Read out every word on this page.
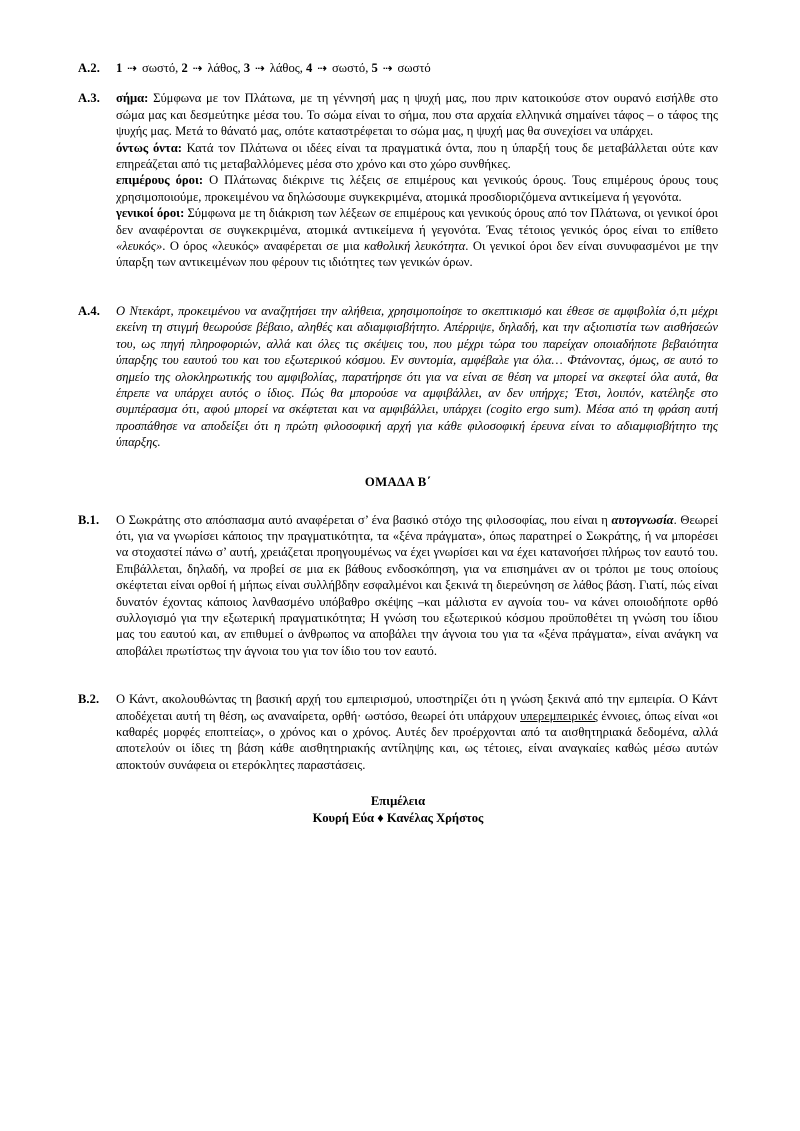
A.2.	1 ⇢ σωστό, 2 ⇢ λάθος, 3 ⇢ λάθος, 4 ⇢ σωστό, 5 ⇢ σωστό
A.3.	σήμα: Σύμφωνα με τον Πλάτωνα, με τη γέννησή μας η ψυχή μας, που πριν κατοικούσε στον ουρανό εισήλθε στο σώμα μας και δεσμεύτηκε μέσα του. Το σώμα είναι το σήμα, που στα αρχαία ελληνικά σημαίνει τάφος – ο τάφος της ψυχής μας. Μετά το θάνατό μας, οπότε καταστρέφεται το σώμα μας, η ψυχή μας θα συνεχίσει να υπάρχει.
όντως όντα: Κατά τον Πλάτωνα οι ιδέες είναι τα πραγματικά όντα, που η ύπαρξή τους δε μεταβάλλεται ούτε καν επηρεάζεται από τις μεταβαλλόμενες μέσα στο χρόνο και στο χώρο συνθήκες.
επιμέρους όροι: Ο Πλάτωνας διέκρινε τις λέξεις σε επιμέρους και γενικούς όρους. Τους επιμέρους όρους τους χρησιμοποιούμε, προκειμένου να δηλώσουμε συγκεκριμένα, ατομικά προσδιοριζόμενα αντικείμενα ή γεγονότα.
γενικοί όροι: Σύμφωνα με τη διάκριση των λέξεων σε επιμέρους και γενικούς όρους από τον Πλάτωνα, οι γενικοί όροι δεν αναφέρονται σε συγκεκριμένα, ατομικά αντικείμενα ή γεγονότα. Ένας τέτοιος γενικός όρος είναι το επίθετο «λευκός». Ο όρος «λευκός» αναφέρεται σε μια καθολική λευκότητα. Οι γενικοί όροι δεν είναι συνυφασμένοι με την ύπαρξη των αντικειμένων που φέρουν τις ιδιότητες των γενικών όρων.
A.4.	Ο Ντεκάρτ, προκειμένου να αναζητήσει την αλήθεια, χρησιμοποίησε το σκεπτικισμό και έθεσε σε αμφιβολία ό,τι μέχρι εκείνη τη στιγμή θεωρούσε βέβαιο, αληθές και αδιαμφισβήτητο. Απέρριψε, δηλαδή, και την αξιοπιστία των αισθήσεών του, ως πηγή πληροφοριών, αλλά και όλες τις σκέψεις του, που μέχρι τώρα του παρείχαν οποιαδήποτε βεβαιότητα ύπαρξης του εαυτού του και του εξωτερικού κόσμου. Εν συντομία, αμφέβαλε για όλα… Φτάνοντας, όμως, σε αυτό το σημείο της ολοκληρωτικής του αμφιβολίας, παρατήρησε ότι για να είναι σε θέση να μπορεί να σκεφτεί όλα αυτά, θα έπρεπε να υπάρχει αυτός ο ίδιος. Πώς θα μπορούσε να αμφιβάλλει, αν δεν υπήρχε; Έτσι, λοιπόν, κατέληξε στο συμπέρασμα ότι, αφού μπορεί να σκέφτεται και να αμφιβάλλει, υπάρχει (cogito ergo sum). Μέσα από τη φράση αυτή προσπάθησε να αποδείξει ότι η πρώτη φιλοσοφική αρχή για κάθε φιλοσοφική έρευνα είναι το αδιαμφισβήτητο της ύπαρξης.
ΟΜΑΔΑ Β΄
B.1.	Ο Σωκράτης στο απόσπασμα αυτό αναφέρεται σ’ ένα βασικό στόχο της φιλοσοφίας, που είναι η αυτογνωσία. Θεωρεί ότι, για να γνωρίσει κάποιος την πραγματικότητα, τα «ξένα πράγματα», όπως παρατηρεί ο Σωκράτης, ή να μπορέσει να στοχαστεί πάνω σ’ αυτή, χρειάζεται προηγουμένως να έχει γνωρίσει και να έχει κατανοήσει πλήρως τον εαυτό του. Επιβάλλεται, δηλαδή, να προβεί σε μια εκ βάθους ενδοσκόπηση, για να επισημάνει αν οι τρόποι με τους οποίους σκέφτεται είναι ορθοί ή μήπως είναι συλλήβδην εσφαλμένοι και ξεκινά τη διερεύνηση σε λάθος βάση. Γιατί, πώς είναι δυνατόν έχοντας κάποιος λανθασμένο υπόβαθρο σκέψης –και μάλιστα εν αγνοία του- να κάνει οποιοδήποτε ορθό συλλογισμό για την εξωτερική πραγματικότητα; Η γνώση του εξωτερικού κόσμου προϋποθέτει τη γνώση του ίδιου μας του εαυτού και, αν επιθυμεί ο άνθρωπος να αποβάλει την άγνοια του για τα «ξένα πράγματα», είναι ανάγκη να αποβάλει πρωτίστως την άγνοια του για τον ίδιο του τον εαυτό.
B.2.	Ο Κάντ, ακολουθώντας τη βασική αρχή του εμπειρισμού, υποστηρίζει ότι η γνώση ξεκινά από την εμπειρία. Ο Κάντ αποδέχεται αυτή τη θέση, ως αναναίρετα, ορθή· ωστόσο, θεωρεί ότι υπάρχουν υπερεμπειρικές έννοιες, όπως είναι «οι καθαρές μορφές εποπτείας», ο χρόνος και ο χρόνος. Αυτές δεν προέρχονται από τα αισθητηριακά δεδομένα, αλλά αποτελούν οι ίδιες τη βάση κάθε αισθητηριακής αντίληψης και, ως τέτοιες, είναι αναγκαίες καθώς μέσω αυτών αποκτούν συνάφεια οι ετερόκλητες παραστάσεις.
Επιμέλεια
Κουρή Εύα ♦ Κανέλας Χρήστος
